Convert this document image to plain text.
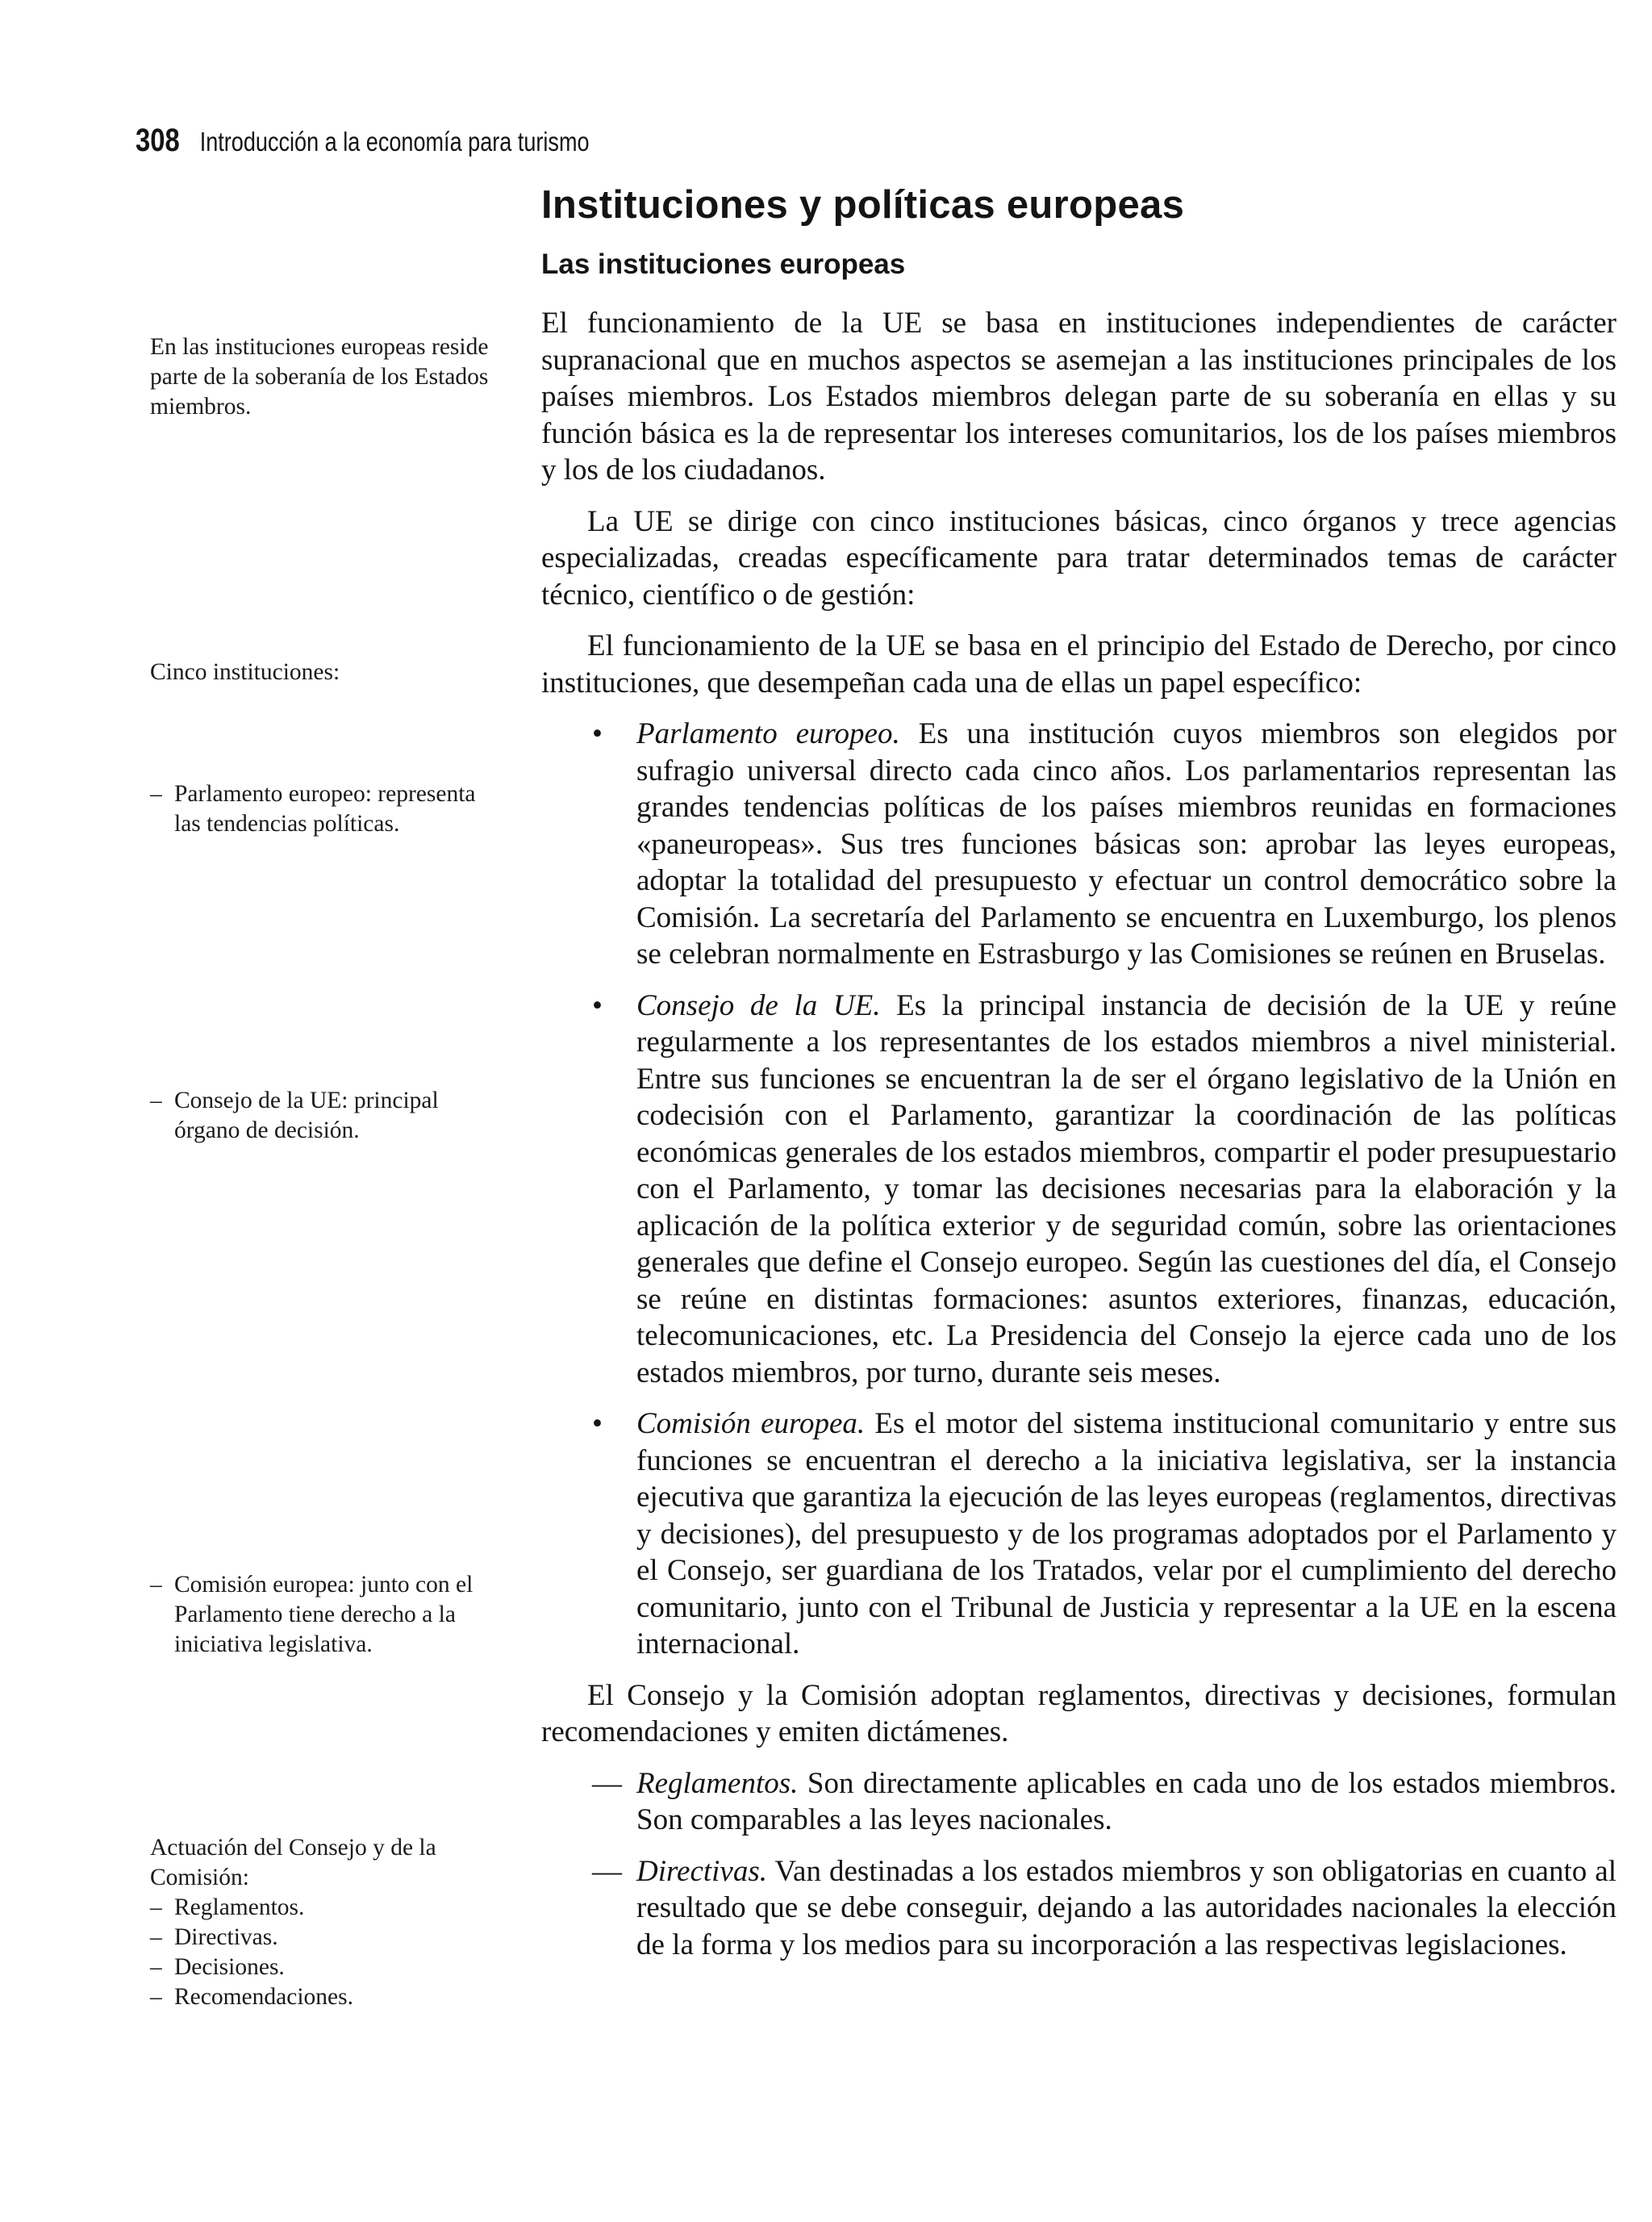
308 Introducción a la economía para turismo
Instituciones y políticas europeas
Las instituciones europeas
En las instituciones europeas reside parte de la soberanía de los Estados miembros.
Cinco instituciones:
– Parlamento europeo: representa las tendencias políticas.
– Consejo de la UE: principal órgano de decisión.
– Comisión europea: junto con el Parlamento tiene derecho a la iniciativa legislativa.
Actuación del Consejo y de la Comisión:
– Reglamentos.
– Directivas.
– Decisiones.
– Recomendaciones.

El funcionamiento de la UE se basa en instituciones independientes de carácter supranacional que en muchos aspectos se asemejan a las instituciones principales de los países miembros. Los Estados miembros delegan parte de su soberanía en ellas y su función básica es la de representar los intereses comunitarios, los de los países miembros y los de los ciudadanos.

La UE se dirige con cinco instituciones básicas, cinco órganos y trece agencias especializadas, creadas específicamente para tratar determinados temas de carácter técnico, científico o de gestión:

El funcionamiento de la UE se basa en el principio del Estado de Derecho, por cinco instituciones, que desempeñan cada una de ellas un papel específico:

• Parlamento europeo. Es una institución cuyos miembros son elegidos por sufragio universal directo cada cinco años. Los parlamentarios representan las grandes tendencias políticas de los países miembros reunidas en formaciones «paneuropeas». Sus tres funciones básicas son: aprobar las leyes europeas, adoptar la totalidad del presupuesto y efectuar un control democrático sobre la Comisión. La secretaría del Parlamento se encuentra en Luxemburgo, los plenos se celebran normalmente en Estrasburgo y las Comisiones se reúnen en Bruselas.
• Consejo de la UE. Es la principal instancia de decisión de la UE y reúne regularmente a los representantes de los estados miembros a nivel ministerial. Entre sus funciones se encuentran la de ser el órgano legislativo de la Unión en codecisión con el Parlamento, garantizar la coordinación de las políticas económicas generales de los estados miembros, compartir el poder presupuestario con el Parlamento, y tomar las decisiones necesarias para la elaboración y la aplicación de la política exterior y de seguridad común, sobre las orientaciones generales que define el Consejo europeo. Según las cuestiones del día, el Consejo se reúne en distintas formaciones: asuntos exteriores, finanzas, educación, telecomunicaciones, etc. La Presidencia del Consejo la ejerce cada uno de los estados miembros, por turno, durante seis meses.
• Comisión europea. Es el motor del sistema institucional comunitario y entre sus funciones se encuentran el derecho a la iniciativa legislativa, ser la instancia ejecutiva que garantiza la ejecución de las leyes europeas (reglamentos, directivas y decisiones), del presupuesto y de los programas adoptados por el Parlamento y el Consejo, ser guardiana de los Tratados, velar por el cumplimiento del derecho comunitario, junto con el Tribunal de Justicia y representar a la UE en la escena internacional.

El Consejo y la Comisión adoptan reglamentos, directivas y decisiones, formulan recomendaciones y emiten dictámenes.

— Reglamentos. Son directamente aplicables en cada uno de los estados miembros. Son comparables a las leyes nacionales.
— Directivas. Van destinadas a los estados miembros y son obligatorias en cuanto al resultado que se debe conseguir, dejando a las autoridades nacionales la elección de la forma y los medios para su incorporación a las respectivas legislaciones.
